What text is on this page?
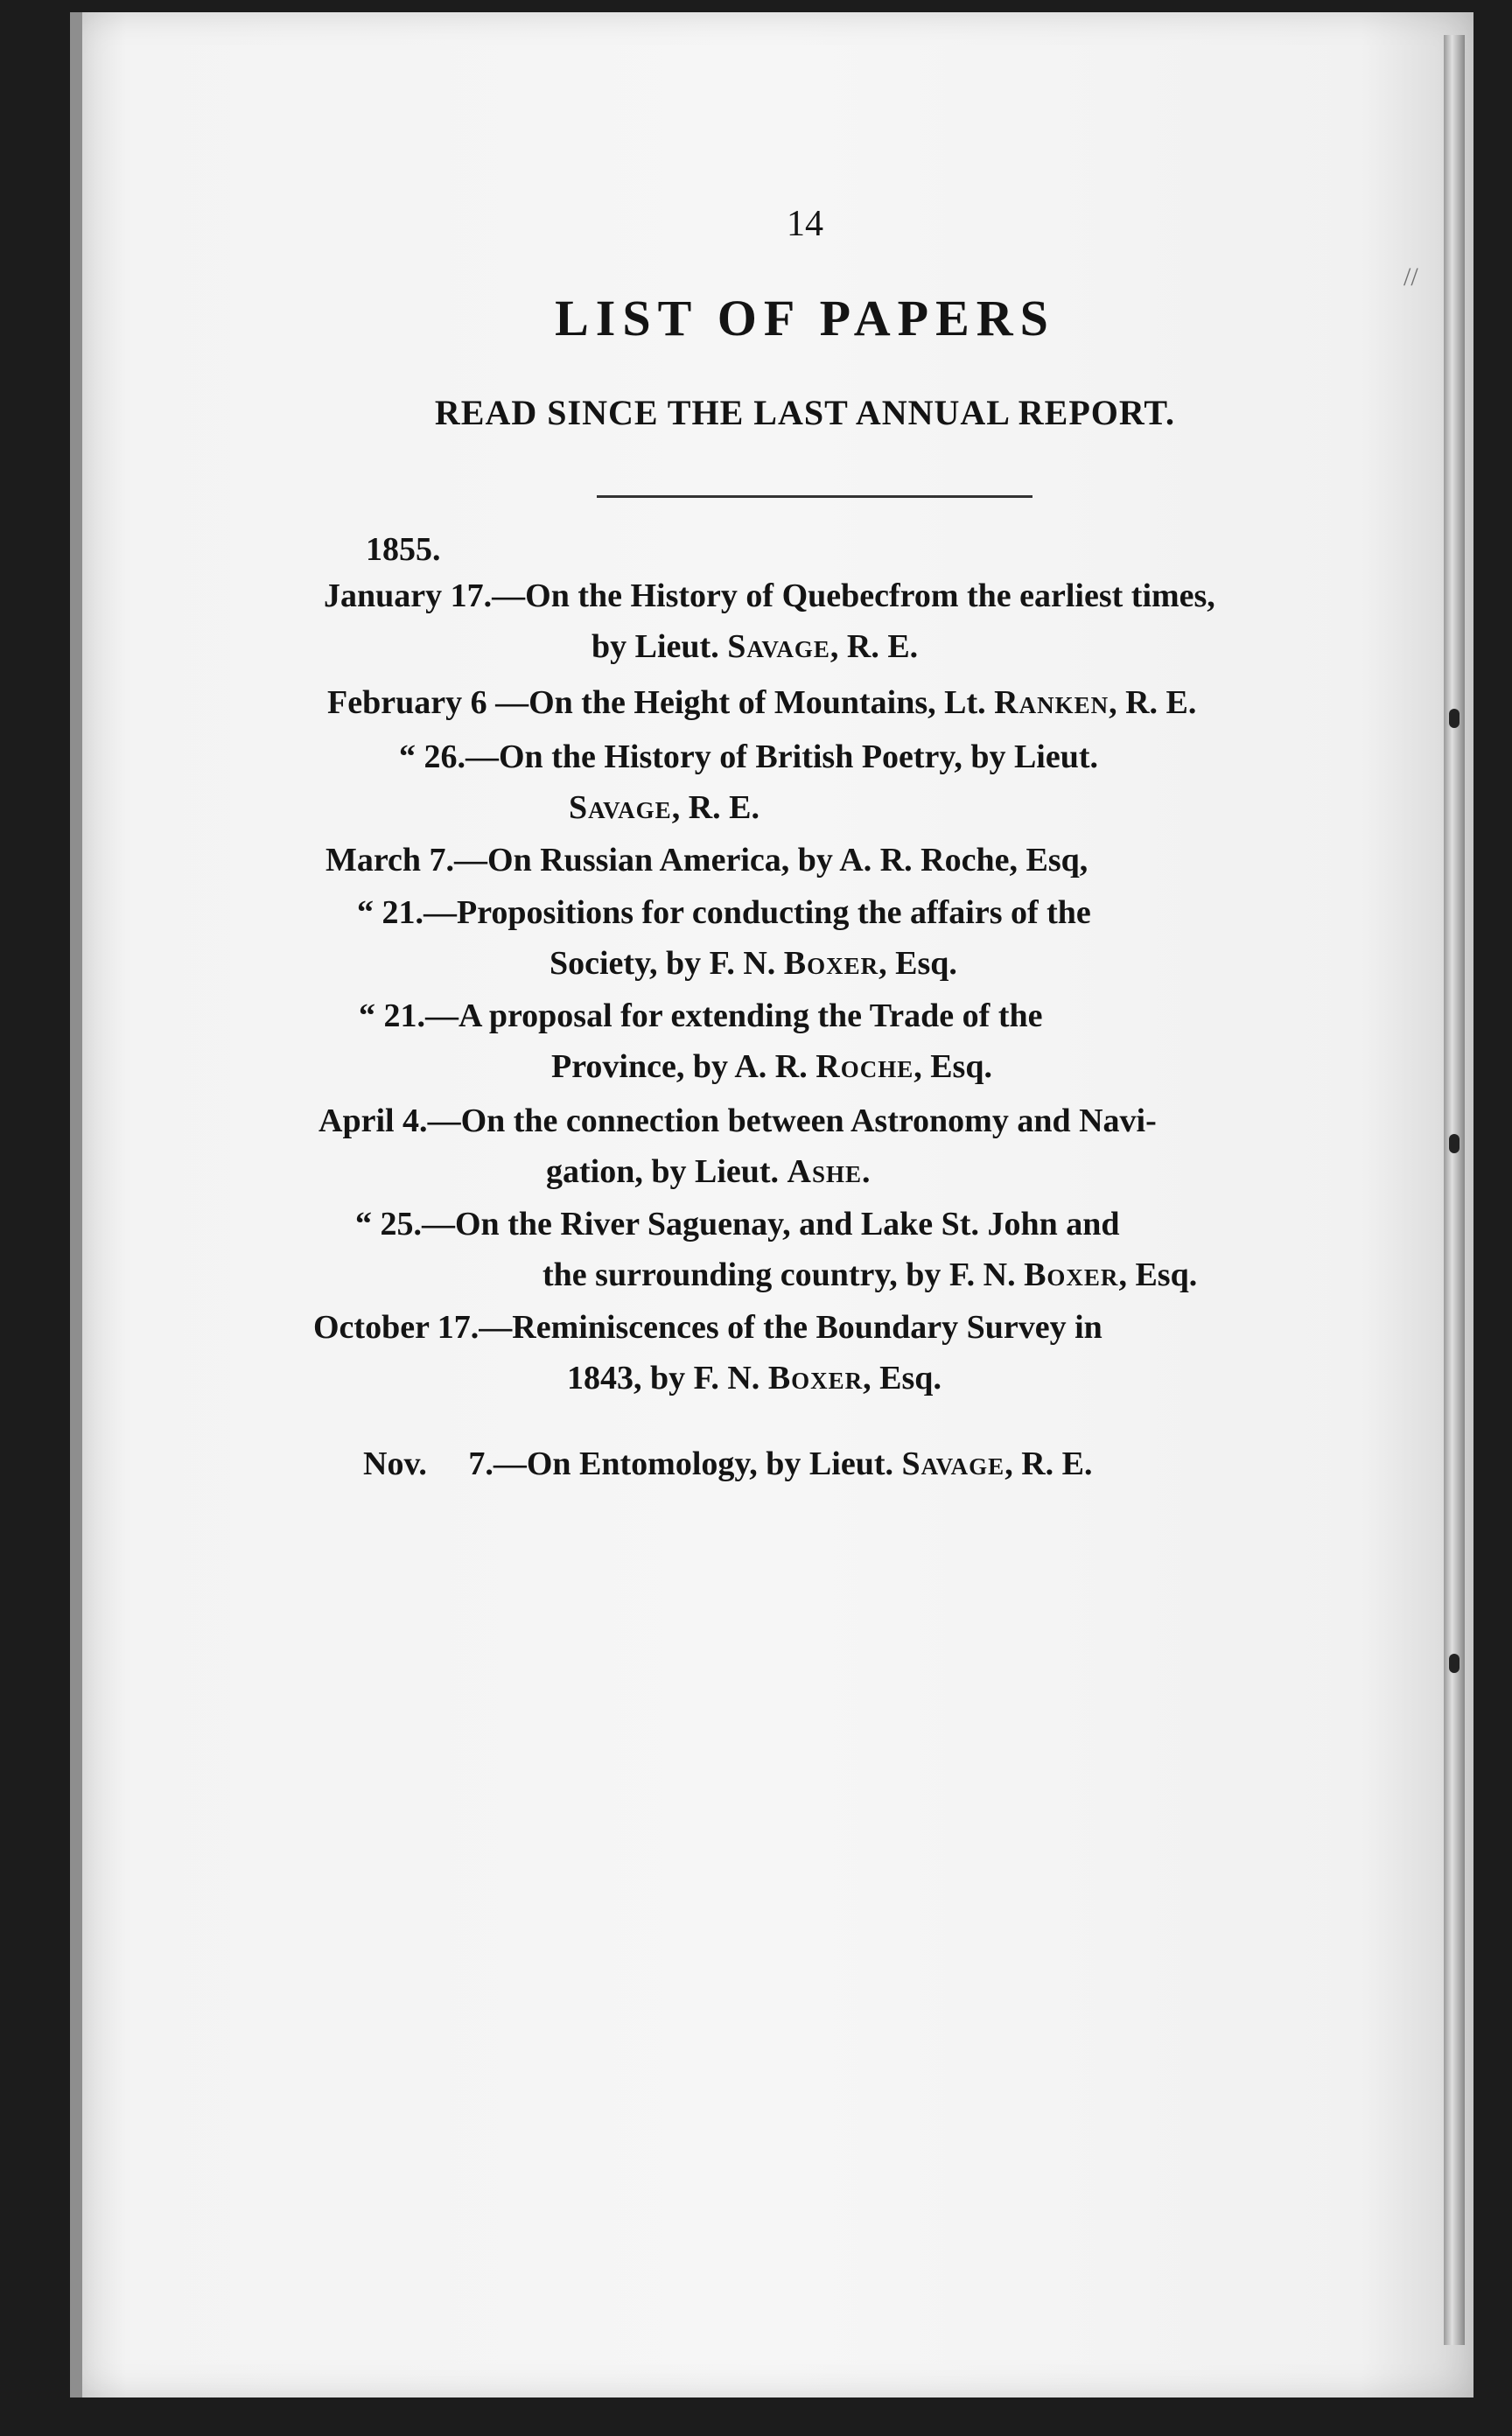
14
LIST OF PAPERS
READ SINCE THE LAST ANNUAL REPORT.
//
1855.
January 17.—On the History of Quebecfrom the earliest times,
by Lieut. Savage, R. E.
February 6 —On the Height of Mountains, Lt. Ranken, R. E.
“ 26.—On the History of British Poetry, by Lieut.
Savage, R. E.
March 7.—On Russian America, by A. R. Roche, Esq,
“ 21.—Propositions for conducting the affairs of the
Society, by F. N. Boxer, Esq.
“ 21.—A proposal for extending the Trade of the
Province, by A. R. Roche, Esq.
April 4.—On the connection between Astronomy and Navi-
gation, by Lieut. Ashe.
“ 25.—On the River Saguenay, and Lake St. John and
the surrounding country, by F. N. Boxer, Esq.
October 17.—Reminiscences of the Boundary Survey in
1843, by F. N. Boxer, Esq.

Nov.     7.—On Entomology, by Lieut. Savage, R. E.
